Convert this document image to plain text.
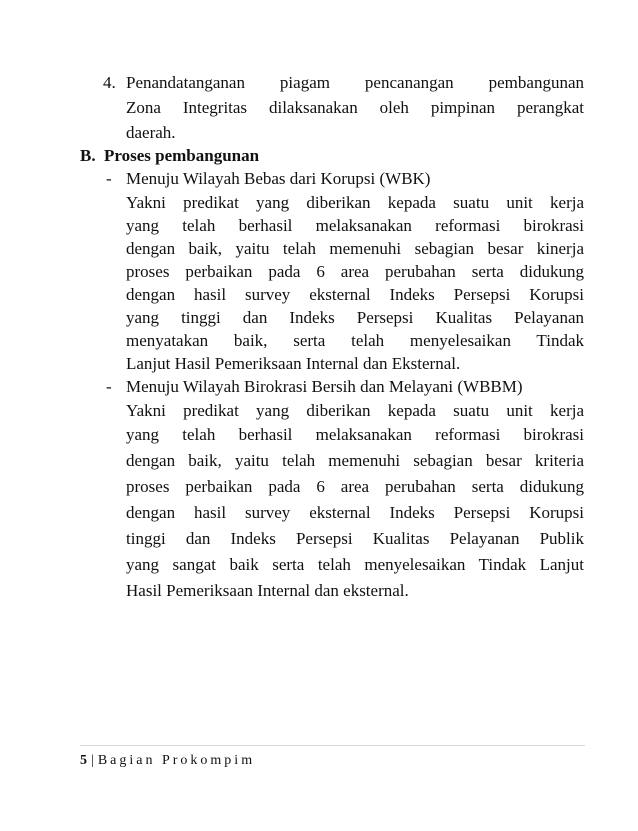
4. Penandatanganan piagam pencanangan pembangunan
Zona Integritas dilaksanakan oleh pimpinan perangkat
daerah.
B. Proses pembangunan
- Menuju Wilayah Bebas dari Korupsi (WBK)
Yakni predikat yang diberikan kepada suatu unit kerja
yang telah berhasil melaksanakan reformasi birokrasi
dengan baik, yaitu telah memenuhi sebagian besar kinerja
proses perbaikan pada 6 area perubahan serta didukung
dengan hasil survey eksternal Indeks Persepsi Korupsi
yang tinggi dan Indeks Persepsi Kualitas Pelayanan
menyatakan baik, serta telah menyelesaikan Tindak
Lanjut Hasil Pemeriksaan Internal dan Eksternal.
- Menuju Wilayah Birokrasi Bersih dan Melayani (WBBM)
Yakni predikat yang diberikan kepada suatu unit kerja
yang telah berhasil melaksanakan reformasi birokrasi
dengan baik, yaitu telah memenuhi sebagian besar kriteria
proses perbaikan pada 6 area perubahan serta didukung
dengan hasil survey eksternal Indeks Persepsi Korupsi
tinggi dan Indeks Persepsi Kualitas Pelayanan Publik
yang sangat baik serta telah menyelesaikan Tindak Lanjut
Hasil Pemeriksaan Internal dan eksternal.
5 | Bagian Prokompim
